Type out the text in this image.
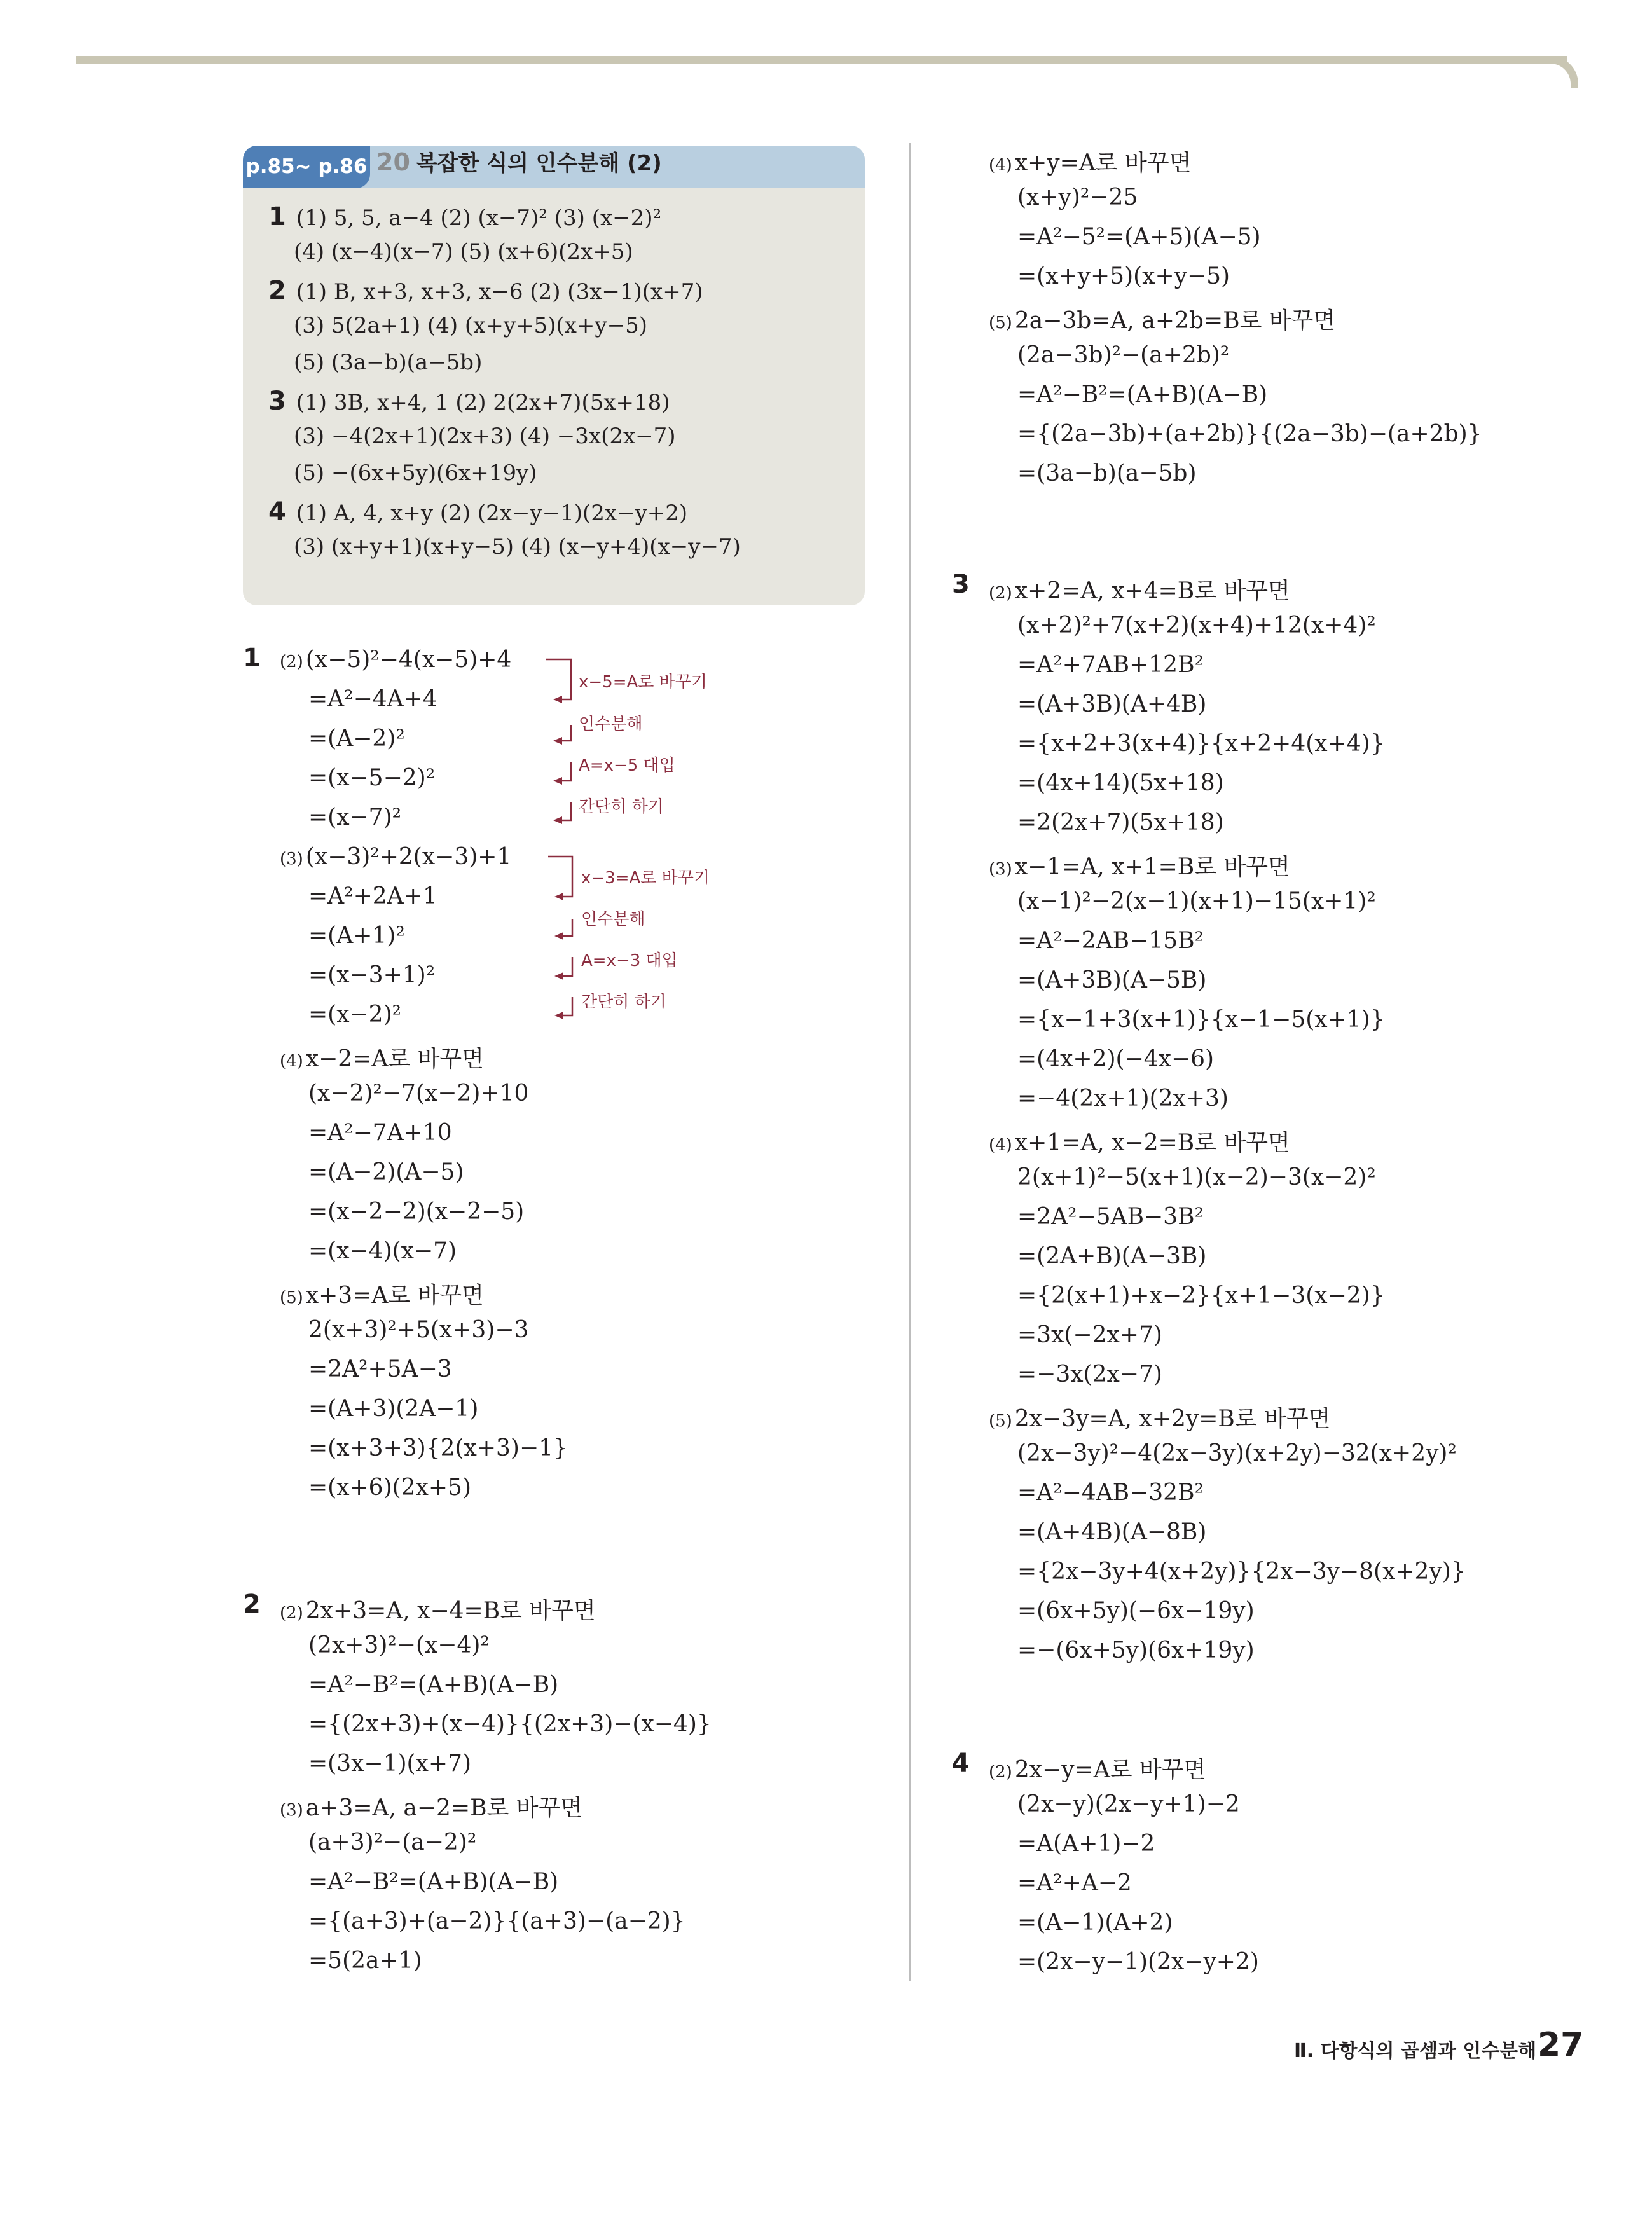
p.85~ p.86 20 복잡한 식의 인수분해 (2)
1 (1) 5, 5, a−4 (2) (x−7)² (3) (x−2)²
(4) (x−4)(x−7) (5) (x+6)(2x+5)
2 (1) B, x+3, x+3, x−6 (2) (3x−1)(x+7)
(3) 5(2a+1) (4) (x+y+5)(x+y−5)
(5) (3a−b)(a−5b)
3 (1) 3B, x+4, 1 (2) 2(2x+7)(5x+18)
(3) −4(2x+1)(2x+3) (4) −3x(2x−7)
(5) −(6x+5y)(6x+19y)
4 (1) A, 4, x+y (2) (2x−y−1)(2x−y+2)
(3) (x+y+1)(x+y−5) (4) (x−y+4)(x−y−7)
1 (2) (x−5)²−4(x−5)+4
=A²−4A+4
=(A−2)²
=(x−5−2)²
=(x−7)²
x−5=A로 바꾸기
인수분해
A=x−5 대입
간단히 하기
(3) (x−3)²+2(x−3)+1
=A²+2A+1
=(A+1)²
=(x−3+1)²
=(x−2)²
x−3=A로 바꾸기
인수분해
A=x−3 대입
간단히 하기
(4) x−2=A로 바꾸면
(x−2)²−7(x−2)+10
=A²−7A+10
=(A−2)(A−5)
=(x−2−2)(x−2−5)
=(x−4)(x−7)
(5) x+3=A로 바꾸면
2(x+3)²+5(x+3)−3
=2A²+5A−3
=(A+3)(2A−1)
=(x+3+3){2(x+3)−1}
=(x+6)(2x+5)
2 (2) 2x+3=A, x−4=B로 바꾸면
(2x+3)²−(x−4)²
=A²−B²=(A+B)(A−B)
={(2x+3)+(x−4)}{(2x+3)−(x−4)}
=(3x−1)(x+7)
(3) a+3=A, a−2=B로 바꾸면
(a+3)²−(a−2)²
=A²−B²=(A+B)(A−B)
={(a+3)+(a−2)}{(a+3)−(a−2)}
=5(2a+1)
(4) x+y=A로 바꾸면
(x+y)²−25
=A²−5²=(A+5)(A−5)
=(x+y+5)(x+y−5)
(5) 2a−3b=A, a+2b=B로 바꾸면
(2a−3b)²−(a+2b)²
=A²−B²=(A+B)(A−B)
={(2a−3b)+(a+2b)}{(2a−3b)−(a+2b)}
=(3a−b)(a−5b)
3 (2) x+2=A, x+4=B로 바꾸면
(x+2)²+7(x+2)(x+4)+12(x+4)²
=A²+7AB+12B²
=(A+3B)(A+4B)
={x+2+3(x+4)}{x+2+4(x+4)}
=(4x+14)(5x+18)
=2(2x+7)(5x+18)
(3) x−1=A, x+1=B로 바꾸면
(x−1)²−2(x−1)(x+1)−15(x+1)²
=A²−2AB−15B²
=(A+3B)(A−5B)
={x−1+3(x+1)}{x−1−5(x+1)}
=(4x+2)(−4x−6)
=−4(2x+1)(2x+3)
(4) x+1=A, x−2=B로 바꾸면
2(x+1)²−5(x+1)(x−2)−3(x−2)²
=2A²−5AB−3B²
=(2A+B)(A−3B)
={2(x+1)+x−2}{x+1−3(x−2)}
=3x(−2x+7)
=−3x(2x−7)
(5) 2x−3y=A, x+2y=B로 바꾸면
(2x−3y)²−4(2x−3y)(x+2y)−32(x+2y)²
=A²−4AB−32B²
=(A+4B)(A−8B)
={2x−3y+4(x+2y)}{2x−3y−8(x+2y)}
=(6x+5y)(−6x−19y)
=−(6x+5y)(6x+19y)
4 (2) 2x−y=A로 바꾸면
(2x−y)(2x−y+1)−2
=A(A+1)−2
=A²+A−2
=(A−1)(A+2)
=(2x−y−1)(2x−y+2)
Ⅱ. 다항식의 곱셈과 인수분해 27
